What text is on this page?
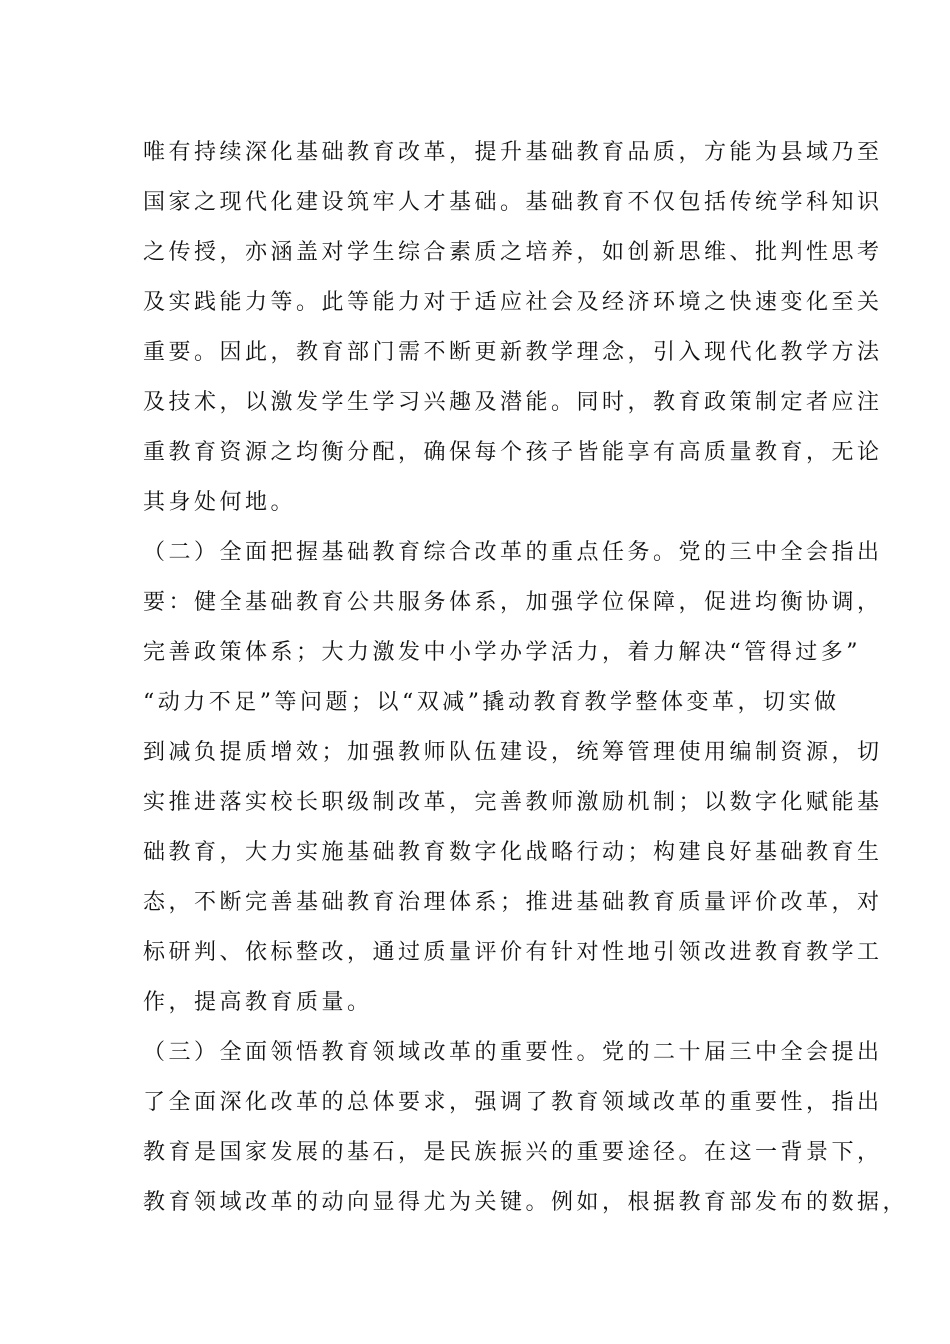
唯有持续深化基础教育改革，提升基础教育品质，方能为县域乃至
国家之现代化建设筑牢人才基础。基础教育不仅包括传统学科知识
之传授，亦涵盖对学生综合素质之培养，如创新思维、批判性思考
及实践能力等。此等能力对于适应社会及经济环境之快速变化至关
重要。因此，教育部门需不断更新教学理念，引入现代化教学方法
及技术，以激发学生学习兴趣及潜能。同时，教育政策制定者应注
重教育资源之均衡分配，确保每个孩子皆能享有高质量教育，无论
其身处何地。
（二）全面把握基础教育综合改革的重点任务。党的三中全会指出
要：健全基础教育公共服务体系，加强学位保障，促进均衡协调，
完善政策体系；大力激发中小学办学活力，着力解决“管得过多”
“动力不足”等问题；以“双减”撬动教育教学整体变革，切实做
到减负提质增效；加强教师队伍建设，统筹管理使用编制资源，切
实推进落实校长职级制改革，完善教师激励机制；以数字化赋能基
础教育，大力实施基础教育数字化战略行动；构建良好基础教育生
态，不断完善基础教育治理体系；推进基础教育质量评价改革，对
标研判、依标整改，通过质量评价有针对性地引领改进教育教学工
作，提高教育质量。
（三）全面领悟教育领域改革的重要性。党的二十届三中全会提出
了全面深化改革的总体要求，强调了教育领域改革的重要性，指出
教育是国家发展的基石，是民族振兴的重要途径。在这一背景下，
教育领域改革的动向显得尤为关键。例如，根据教育部发布的数据，
